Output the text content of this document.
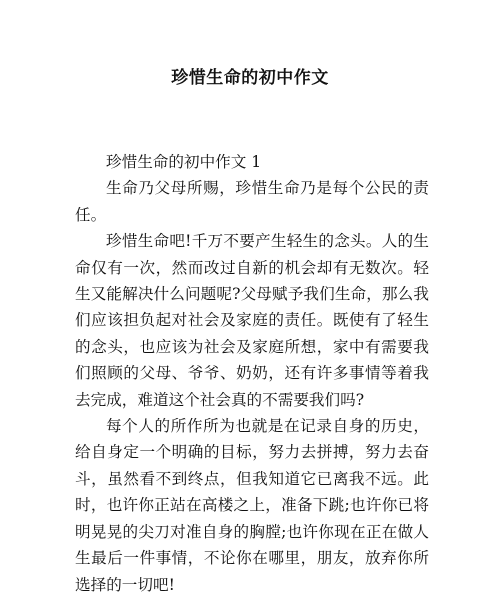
珍惜生命的初中作文

珍惜生命的初中作文 1

生命乃父母所赐，珍惜生命乃是每个公民的责任。

珍惜生命吧!千万不要产生轻生的念头。人的生命仅有一次，然而改过自新的机会却有无数次。轻生又能解决什么问题呢?父母赋予我们生命，那么我们应该担负起对社会及家庭的责任。既使有了轻生的念头，也应该为社会及家庭所想，家中有需要我们照顾的父母、爷爷、奶奶，还有许多事情等着我去完成，难道这个社会真的不需要我们吗?

每个人的所作所为也就是在记录自身的历史，给自身定一个明确的目标，努力去拼搏，努力去奋斗，虽然看不到终点，但我知道它已离我不远。此时，也许你正站在高楼之上，准备下跳;也许你已将明晃晃的尖刀对准自身的胸膛;也许你现在正在做人生最后一件事情，不论你在哪里，朋友，放弃你所选择的一切吧!
